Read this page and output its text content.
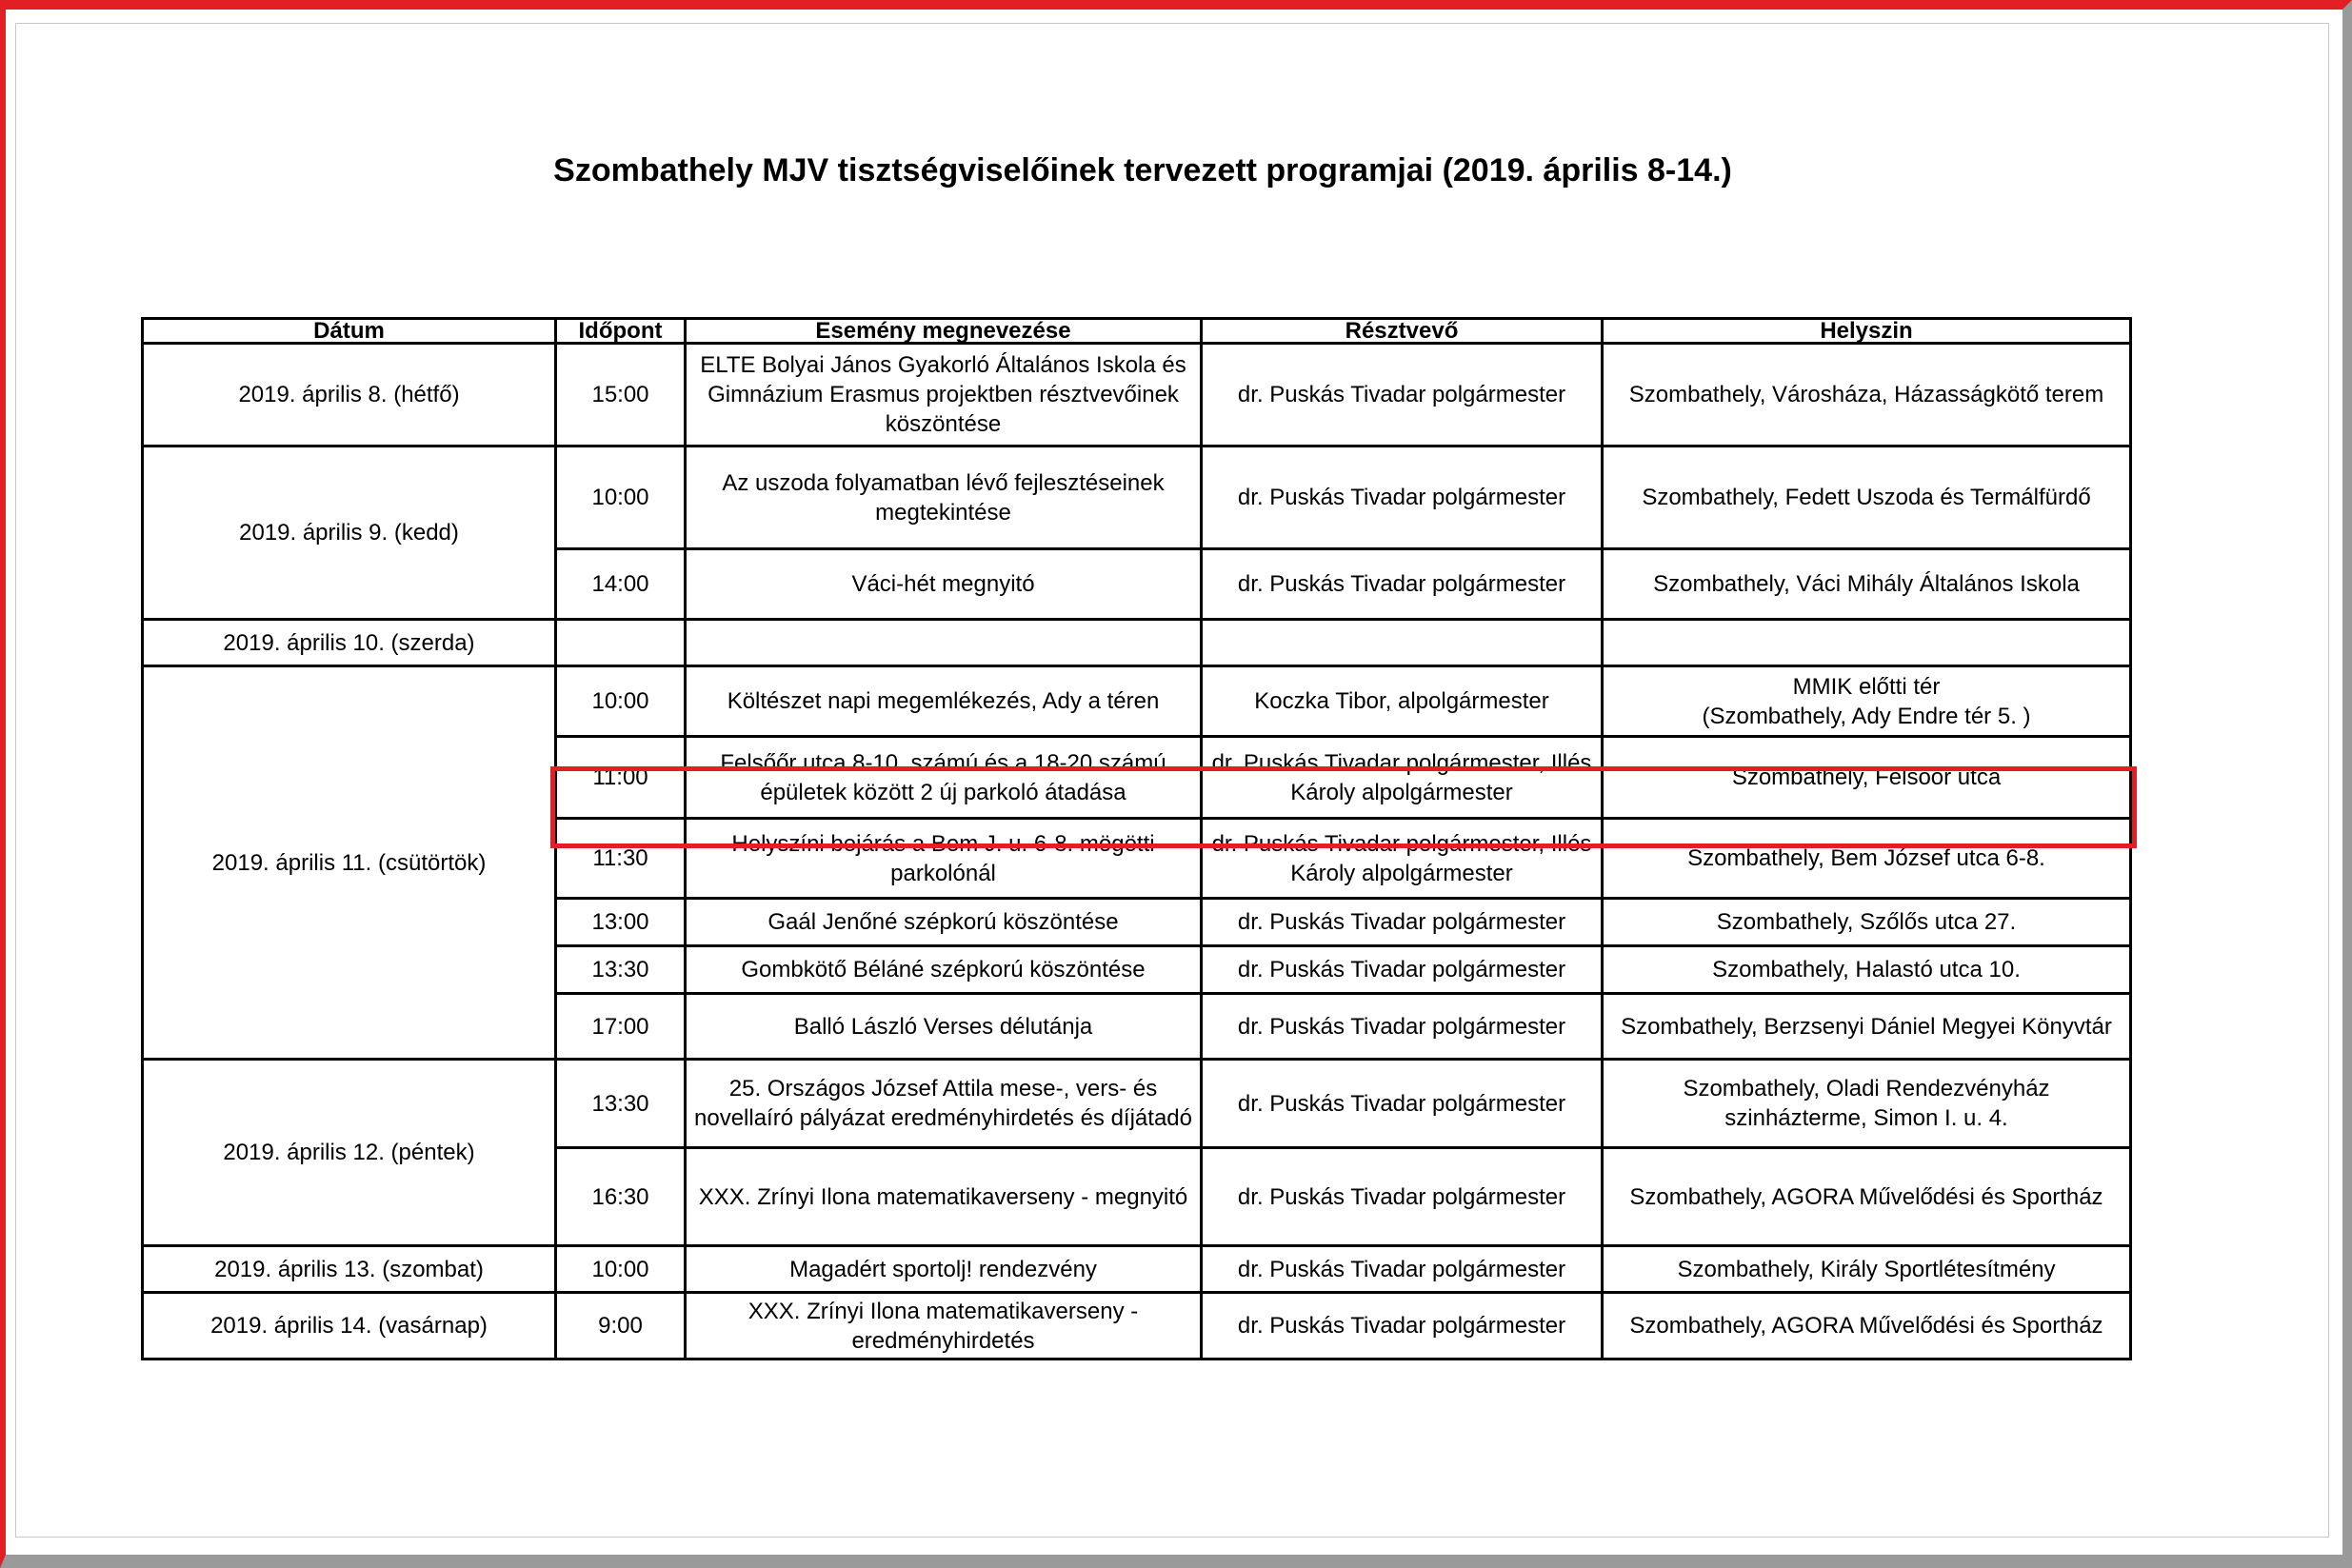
Szombathely MJV tisztségviselőinek tervezett programjai (2019. április 8-14.)
Dátum	Időpont	Esemény megnevezése	Résztvevő	Helyszin
2019. április 8. (hétfő)	15:00	ELTE Bolyai János Gyakorló Általános Iskola és Gimnázium Erasmus projektben résztvevőinek köszöntése	dr. Puskás Tivadar polgármester	Szombathely, Városháza, Házasságkötő terem
2019. április 9. (kedd)	10:00	Az uszoda folyamatban lévő fejlesztéseinek megtekintése	dr. Puskás Tivadar polgármester	Szombathely, Fedett Uszoda és Termálfürdő
	14:00	Váci-hét megnyitó	dr. Puskás Tivadar polgármester	Szombathely, Váci Mihály Általános Iskola
2019. április 10. (szerda)				
2019. április 11. (csütörtök)	10:00	Költészet napi megemlékezés, Ady a téren	Koczka Tibor, alpolgármester	MMIK előtti tér
(Szombathely, Ady Endre tér 5. )
	11:00	Felsőőr utca 8-10. számú és a 18-20 számú épületek között 2 új parkoló átadása	dr. Puskás Tivadar polgármester, Illés Károly alpolgármester	Szombathely, Felsőőr utca
	11:30	Helyszíni bejárás a Bem J. u. 6-8. mögötti parkolónál	dr. Puskás Tivadar polgármester, Illés Károly alpolgármester	Szombathely, Bem József utca 6-8.
	13:00	Gaál Jenőné szépkorú köszöntése	dr. Puskás Tivadar polgármester	Szombathely, Szőlős utca 27.
	13:30	Gombkötő Béláné szépkorú köszöntése	dr. Puskás Tivadar polgármester	Szombathely, Halastó utca 10.
	17:00	Balló László Verses délutánja	dr. Puskás Tivadar polgármester	Szombathely, Berzsenyi Dániel Megyei Könyvtár
2019. április 12. (péntek)	13:30	25. Országos József Attila mese-, vers- és novellaíró pályázat eredményhirdetés és díjátadó	dr. Puskás Tivadar polgármester	Szombathely, Oladi Rendezvényház szinházterme, Simon I. u. 4.
	16:30	XXX. Zrínyi Ilona matematikaverseny - megnyitó	dr. Puskás Tivadar polgármester	Szombathely, AGORA Művelődési és Sportház
2019. április 13. (szombat)	10:00	Magadért sportolj! rendezvény	dr. Puskás Tivadar polgármester	Szombathely, Király Sportlétesítmény
2019. április 14. (vasárnap)	9:00	XXX. Zrínyi Ilona matematikaverseny - eredményhirdetés	dr. Puskás Tivadar polgármester	Szombathely, AGORA Művelődési és Sportház
